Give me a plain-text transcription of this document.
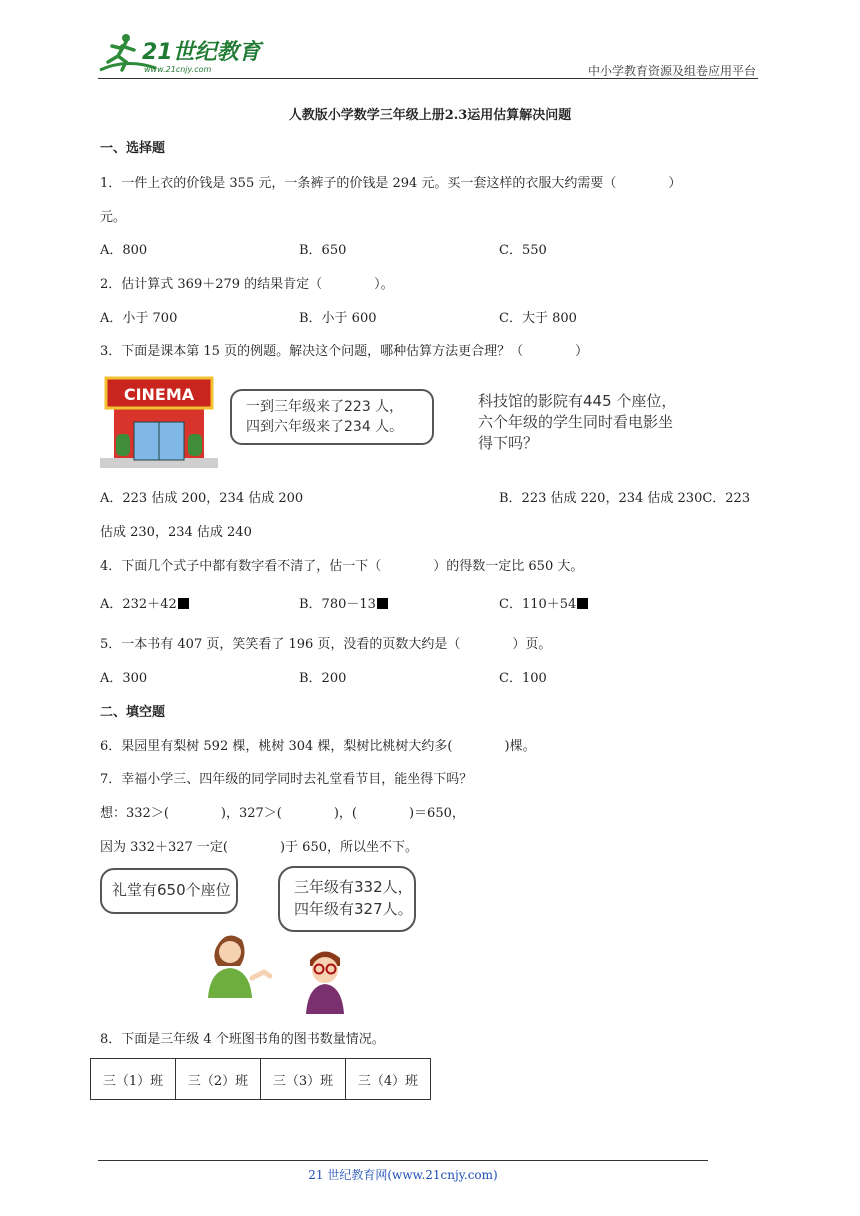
21世纪教育
www.21cnjy.com	中小学教育资源及组卷应用平台
人教版小学数学三年级上册2.3运用估算解决问题
一、选择题
1．一件上衣的价钱是 355 元，一条裤子的价钱是 294 元。买一套这样的衣服大约需要（　　　　）
元。
A．800	B．650	C．550
2．估计算式 369＋279 的结果肯定（　　　　）。
A．小于 700	B．小于 600	C．大于 800
3．下面是课本第 15 页的例题。解决这个问题，哪种估算方法更合理？（　　　　）
CINEMA
一到三年级来了223 人，
四到六年级来了234 人。
科技馆的影院有445 个座位，
六个年级的学生同时看电影坐
得下吗？
A．223 估成 200，234 估成 200	B．223 估成 220，234 估成 230C．223
估成 230，234 估成 240
4．下面几个式子中都有数字看不清了，估一下（　　　　）的得数一定比 650 大。
A．232＋42	B．780－13	C．110＋54
5．一本书有 407 页，笑笑看了 196 页，没看的页数大约是（　　　　）页。
A．300	B．200	C．100
二、填空题
6．果园里有梨树 592 棵，桃树 304 棵，梨树比桃树大约多(　　　　)棵。
7．幸福小学三、四年级的同学同时去礼堂看节目，能坐得下吗？
想：332＞(　　　　)，327＞(　　　　)，(　　　　)＝650，
因为 332＋327 一定(　　　　)于 650，所以坐不下。
礼堂有650个座位	三年级有332人，
四年级有327人。
8．下面是三年级 4 个班图书角的图书数量情况。
三（1）班	三（2）班	三（3）班	三（4）班
21 世纪教育网(www.21cnjy.com)
